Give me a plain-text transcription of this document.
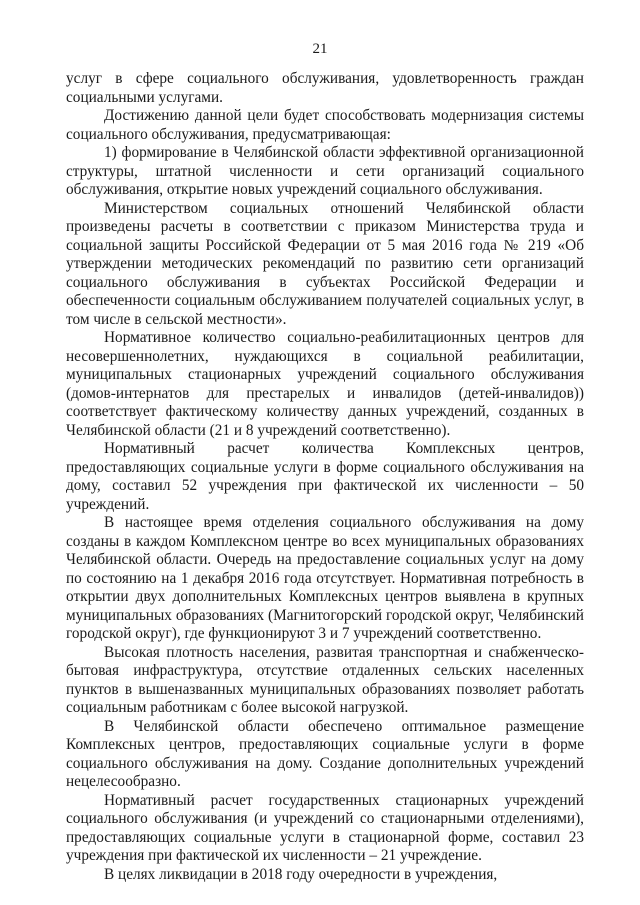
21

услуг в сфере социального обслуживания, удовлетворенность граждан социальными услугами.

Достижению данной цели будет способствовать модернизация системы социального обслуживания, предусматривающая:

1) формирование в Челябинской области эффективной организационной структуры, штатной численности и сети организаций социального обслуживания, открытие новых учреждений социального обслуживания.

Министерством социальных отношений Челябинской области произведены расчеты в соответствии с приказом Министерства труда и социальной защиты Российской Федерации от 5 мая 2016 года № 219 «Об утверждении методических рекомендаций по развитию сети организаций социального обслуживания в субъектах Российской Федерации и обеспеченности социальным обслуживанием получателей социальных услуг, в том числе в сельской местности».

Нормативное количество социально-реабилитационных центров для несовершеннолетних, нуждающихся в социальной реабилитации, муниципальных стационарных учреждений социального обслуживания (домов-интернатов для престарелых и инвалидов (детей-инвалидов)) соответствует фактическому количеству данных учреждений, созданных в Челябинской области (21 и 8 учреждений соответственно).

Нормативный расчет количества Комплексных центров, предоставляющих социальные услуги в форме социального обслуживания на дому, составил 52 учреждения при фактической их численности – 50 учреждений.

В настоящее время отделения социального обслуживания на дому созданы в каждом Комплексном центре во всех муниципальных образованиях Челябинской области. Очередь на предоставление социальных услуг на дому по состоянию на 1 декабря 2016 года отсутствует. Нормативная потребность в открытии двух дополнительных Комплексных центров выявлена в крупных муниципальных образованиях (Магнитогорский городской округ, Челябинский городской округ), где функционируют 3 и 7 учреждений соответственно.

Высокая плотность населения, развитая транспортная и снабженческо-бытовая инфраструктура, отсутствие отдаленных сельских населенных пунктов в вышеназванных муниципальных образованиях позволяет работать социальным работникам с более высокой нагрузкой.

В Челябинской области обеспечено оптимальное размещение Комплексных центров, предоставляющих социальные услуги в форме социального обслуживания на дому. Создание дополнительных учреждений нецелесообразно.

Нормативный расчет государственных стационарных учреждений социального обслуживания (и учреждений со стационарными отделениями), предоставляющих социальные услуги в стационарной форме, составил 23 учреждения при фактической их численности – 21 учреждение.

В целях ликвидации в 2018 году очередности в учреждения,
